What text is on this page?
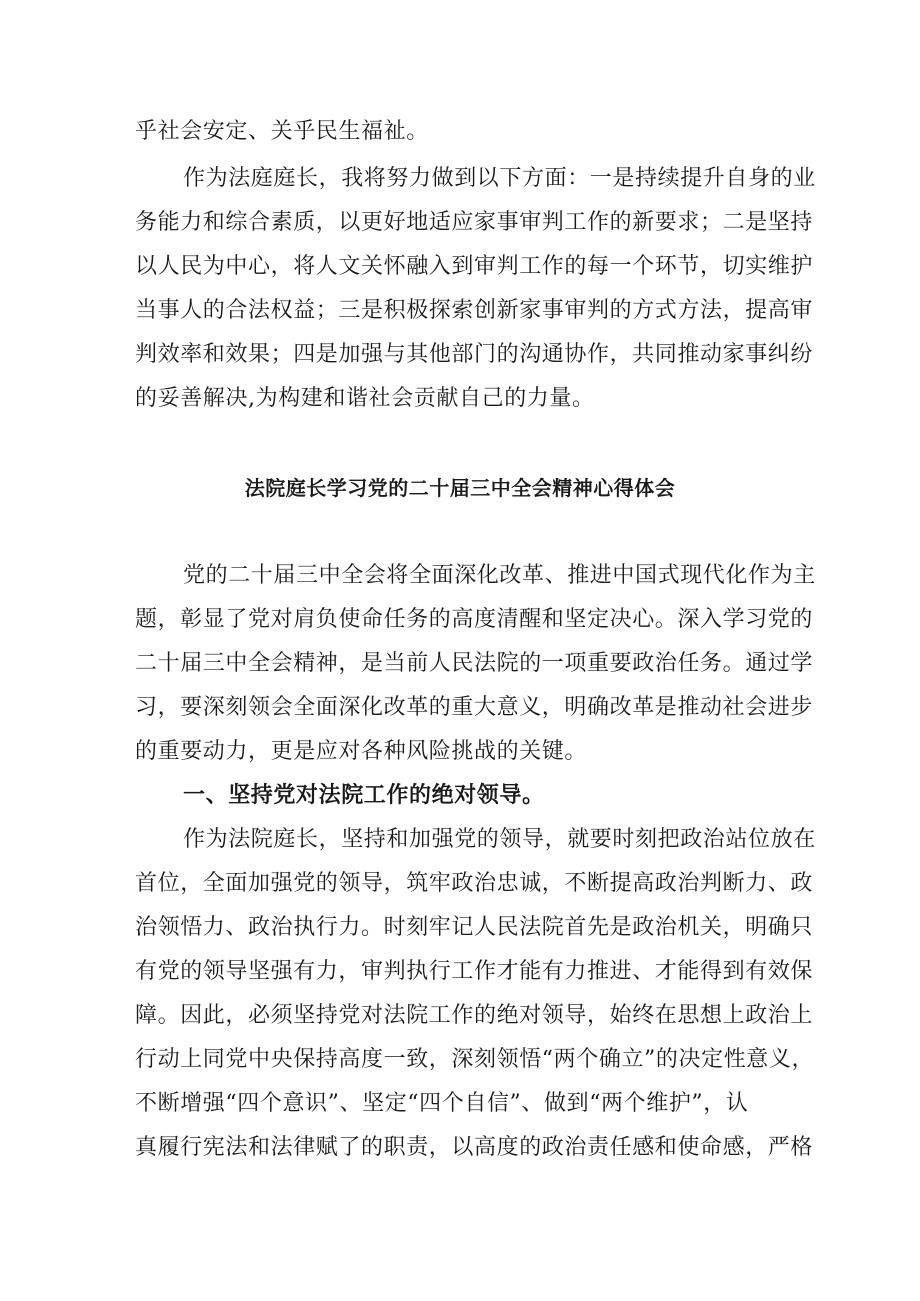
乎社会安定、关乎民生福祉。
作为法庭庭长，我将努力做到以下方面：一是持续提升自身的业
务能力和综合素质，以更好地适应家事审判工作的新要求；二是坚持
以人民为中心，将人文关怀融入到审判工作的每一个环节，切实维护
当事人的合法权益；三是积极探索创新家事审判的方式方法，提高审
判效率和效果；四是加强与其他部门的沟通协作，共同推动家事纠纷
的妥善解决,为构建和谐社会贡献自己的力量。
法院庭长学习党的二十届三中全会精神心得体会
党的二十届三中全会将全面深化改革、推进中国式现代化作为主
题，彰显了党对肩负使命任务的高度清醒和坚定决心。深入学习党的
二十届三中全会精神，是当前人民法院的一项重要政治任务。通过学
习，要深刻领会全面深化改革的重大意义，明确改革是推动社会进步
的重要动力，更是应对各种风险挑战的关键。
一、坚持党对法院工作的绝对领导。
作为法院庭长，坚持和加强党的领导，就要时刻把政治站位放在
首位，全面加强党的领导，筑牢政治忠诚，不断提高政治判断力、政
治领悟力、政治执行力。时刻牢记人民法院首先是政治机关，明确只
有党的领导坚强有力，审判执行工作才能有力推进、才能得到有效保
障。因此，必须坚持党对法院工作的绝对领导，始终在思想上政治上
行动上同党中央保持高度一致，深刻领悟“两个确立”的决定性意义，
不断增强“四个意识”、坚定“四个自信”、做到“两个维护”，认
真履行宪法和法律赋了的职责，以高度的政治责任感和使命感，严格
